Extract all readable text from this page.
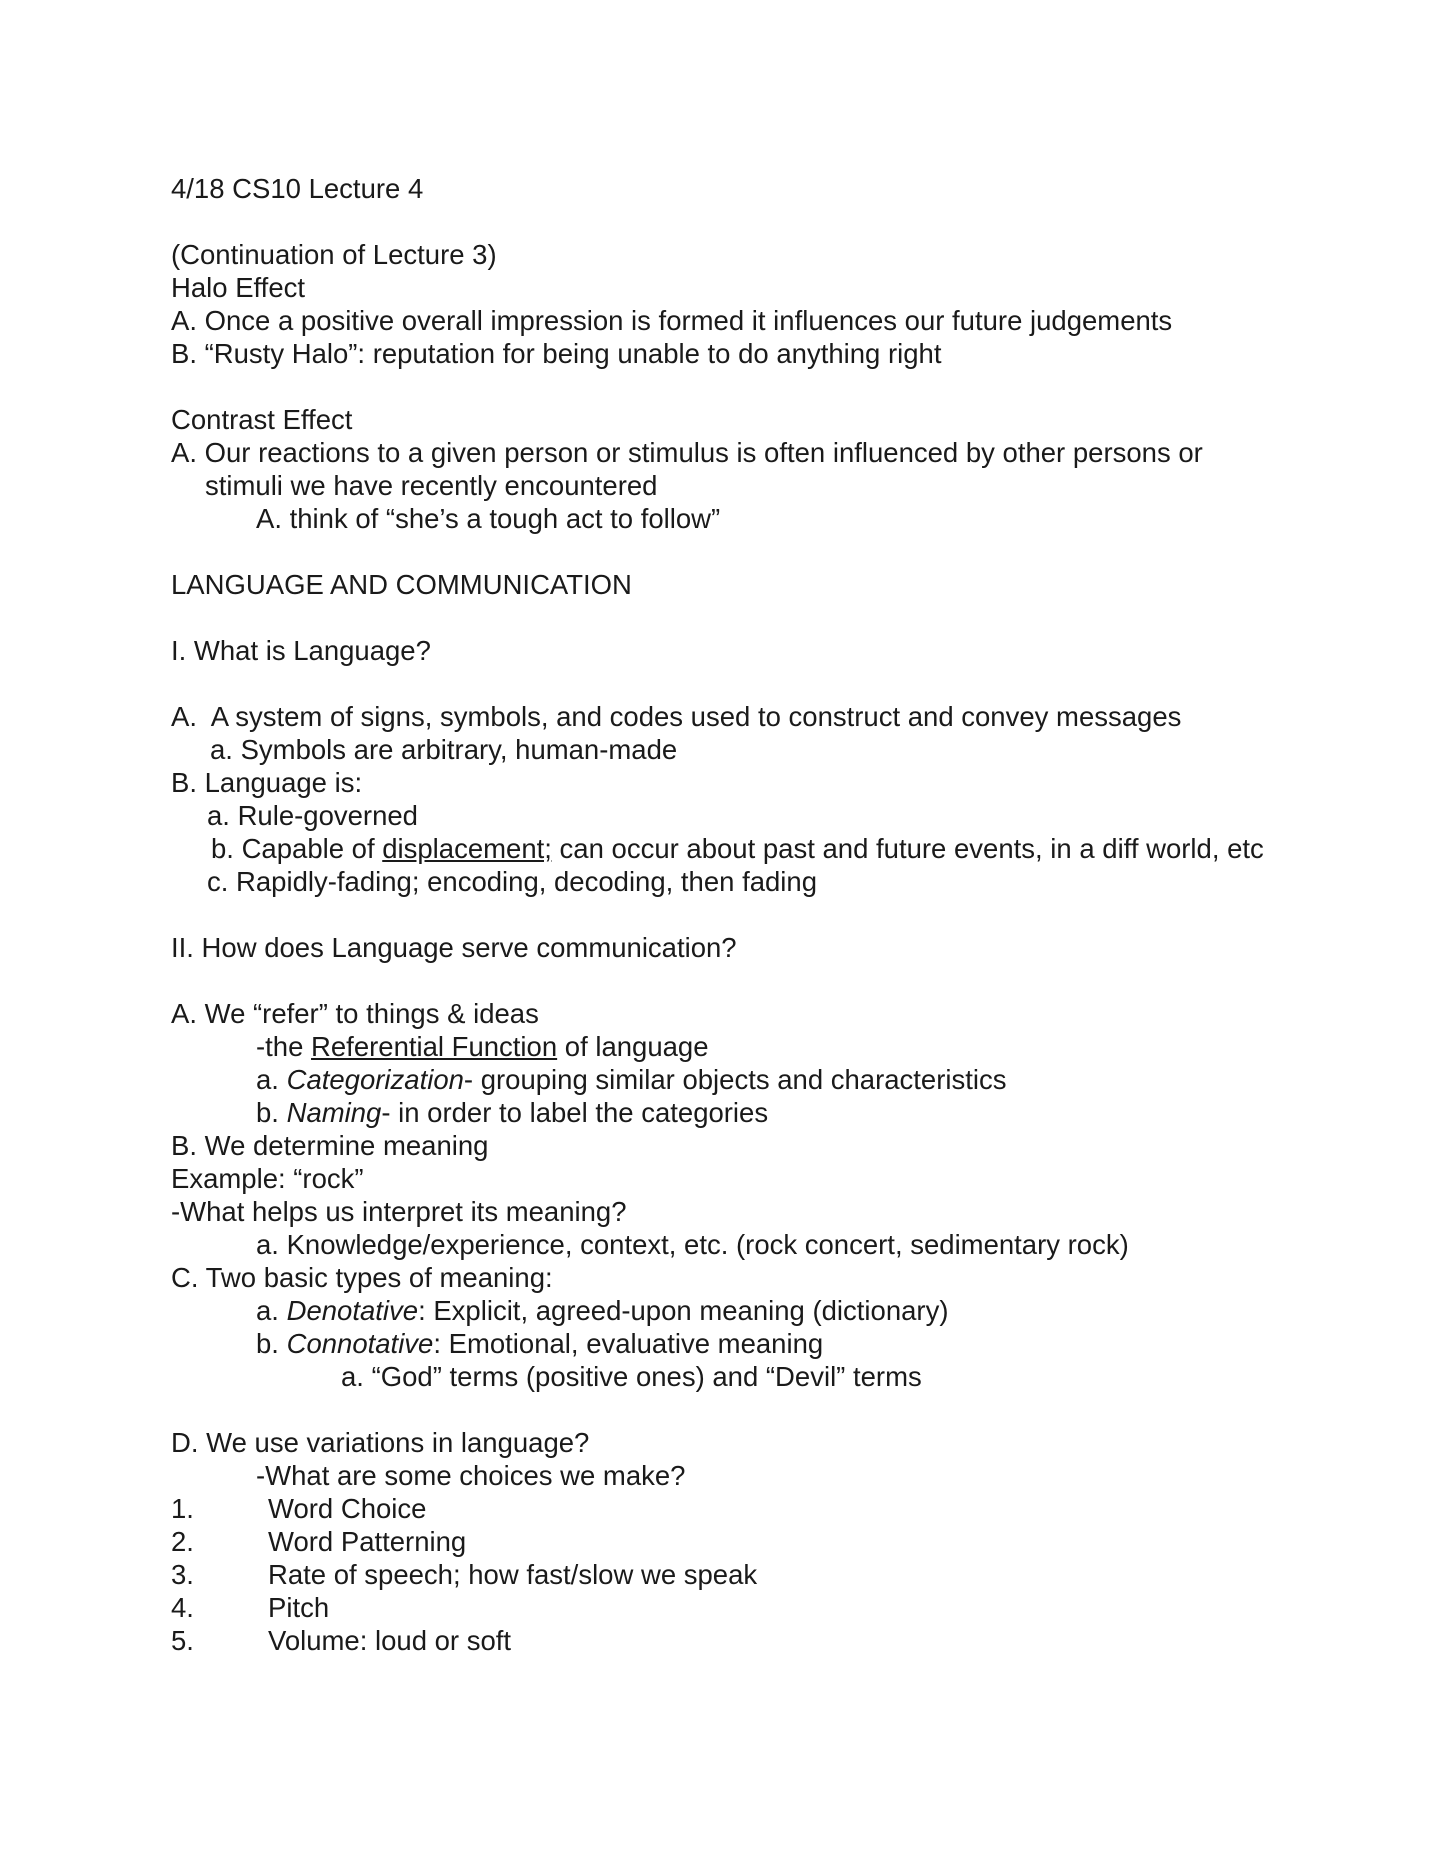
4/18 CS10 Lecture 4
(Continuation of Lecture 3)
Halo Effect
A. Once a positive overall impression is formed it influences our future judgements
B. “Rusty Halo”: reputation for being unable to do anything right
Contrast Effect
A. Our reactions to a given person or stimulus is often influenced by other persons or stimuli we have recently encountered
A. think of “she’s a tough act to follow”
LANGUAGE AND COMMUNICATION
I. What is Language?
A.  A system of signs, symbols, and codes used to construct and convey messages
a. Symbols are arbitrary, human-made
B. Language is:
a. Rule-governed
b. Capable of displacement; can occur about past and future events, in a diff world, etc
c. Rapidly-fading; encoding, decoding, then fading
II. How does Language serve communication?
A. We “refer” to things & ideas
-the Referential Function of language
a. Categorization- grouping similar objects and characteristics
b. Naming- in order to label the categories
B. We determine meaning
Example: “rock”
-What helps us interpret its meaning?
a. Knowledge/experience, context, etc. (rock concert, sedimentary rock)
C. Two basic types of meaning:
a. Denotative: Explicit, agreed-upon meaning (dictionary)
b. Connotative: Emotional, evaluative meaning
a. “God” terms (positive ones) and “Devil” terms
D. We use variations in language?
-What are some choices we make?
1.	Word Choice
2.	Word Patterning
3.	Rate of speech; how fast/slow we speak
4.	Pitch
5.	Volume: loud or soft
